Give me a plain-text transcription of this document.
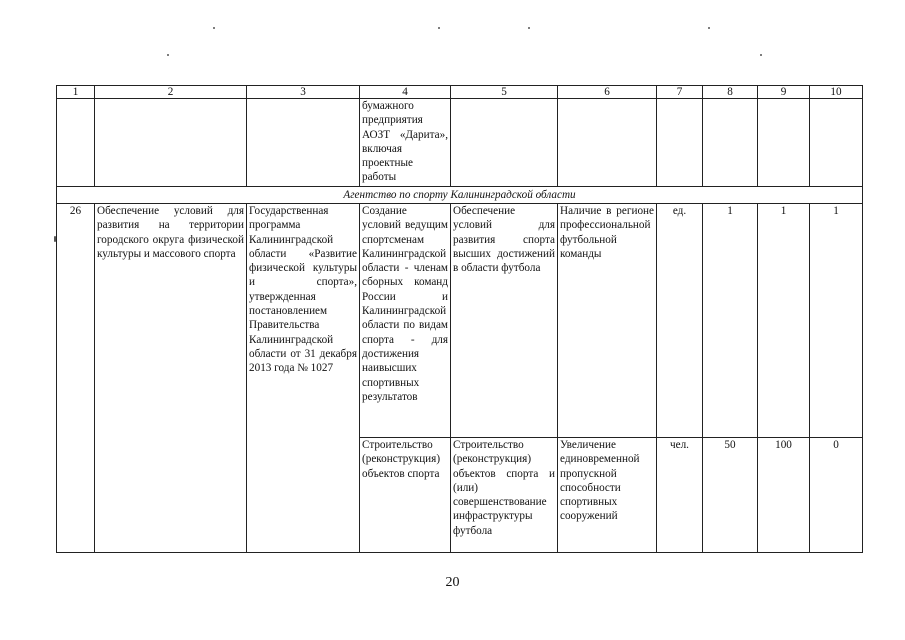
1	2	3	4	5	6	7	8	9	10
			бумажного предприятия АОЗТ «Дарита», включая проектные работы						
Агентство по спорту Калининградской области									
26	Обеспечение условий для развития на территории городского округа физической культуры и массового спорта	Государственная программа Калининградской области «Развитие физической культуры и спорта», утвержденная постановлением Правительства Калининградской области от 31 декабря 2013 года № 1027	Создание условий ведущим спортсменам Калининградской области - членам сборных команд России и Калининградской области по видам спорта - для достижения наивысших спортивных результатов	Обеспечение условий для развития спорта высших достижений в области футбола	Наличие в регионе профессиональной футбольной команды	ед.	1	1	1
			Строительство (реконструкция) объектов спорта	Строительство (реконструкция) объектов спорта и (или) совершенствование инфраструктуры футбола	Увеличение единовременной пропускной способности спортивных сооружений	чел.	50	100	0
20
